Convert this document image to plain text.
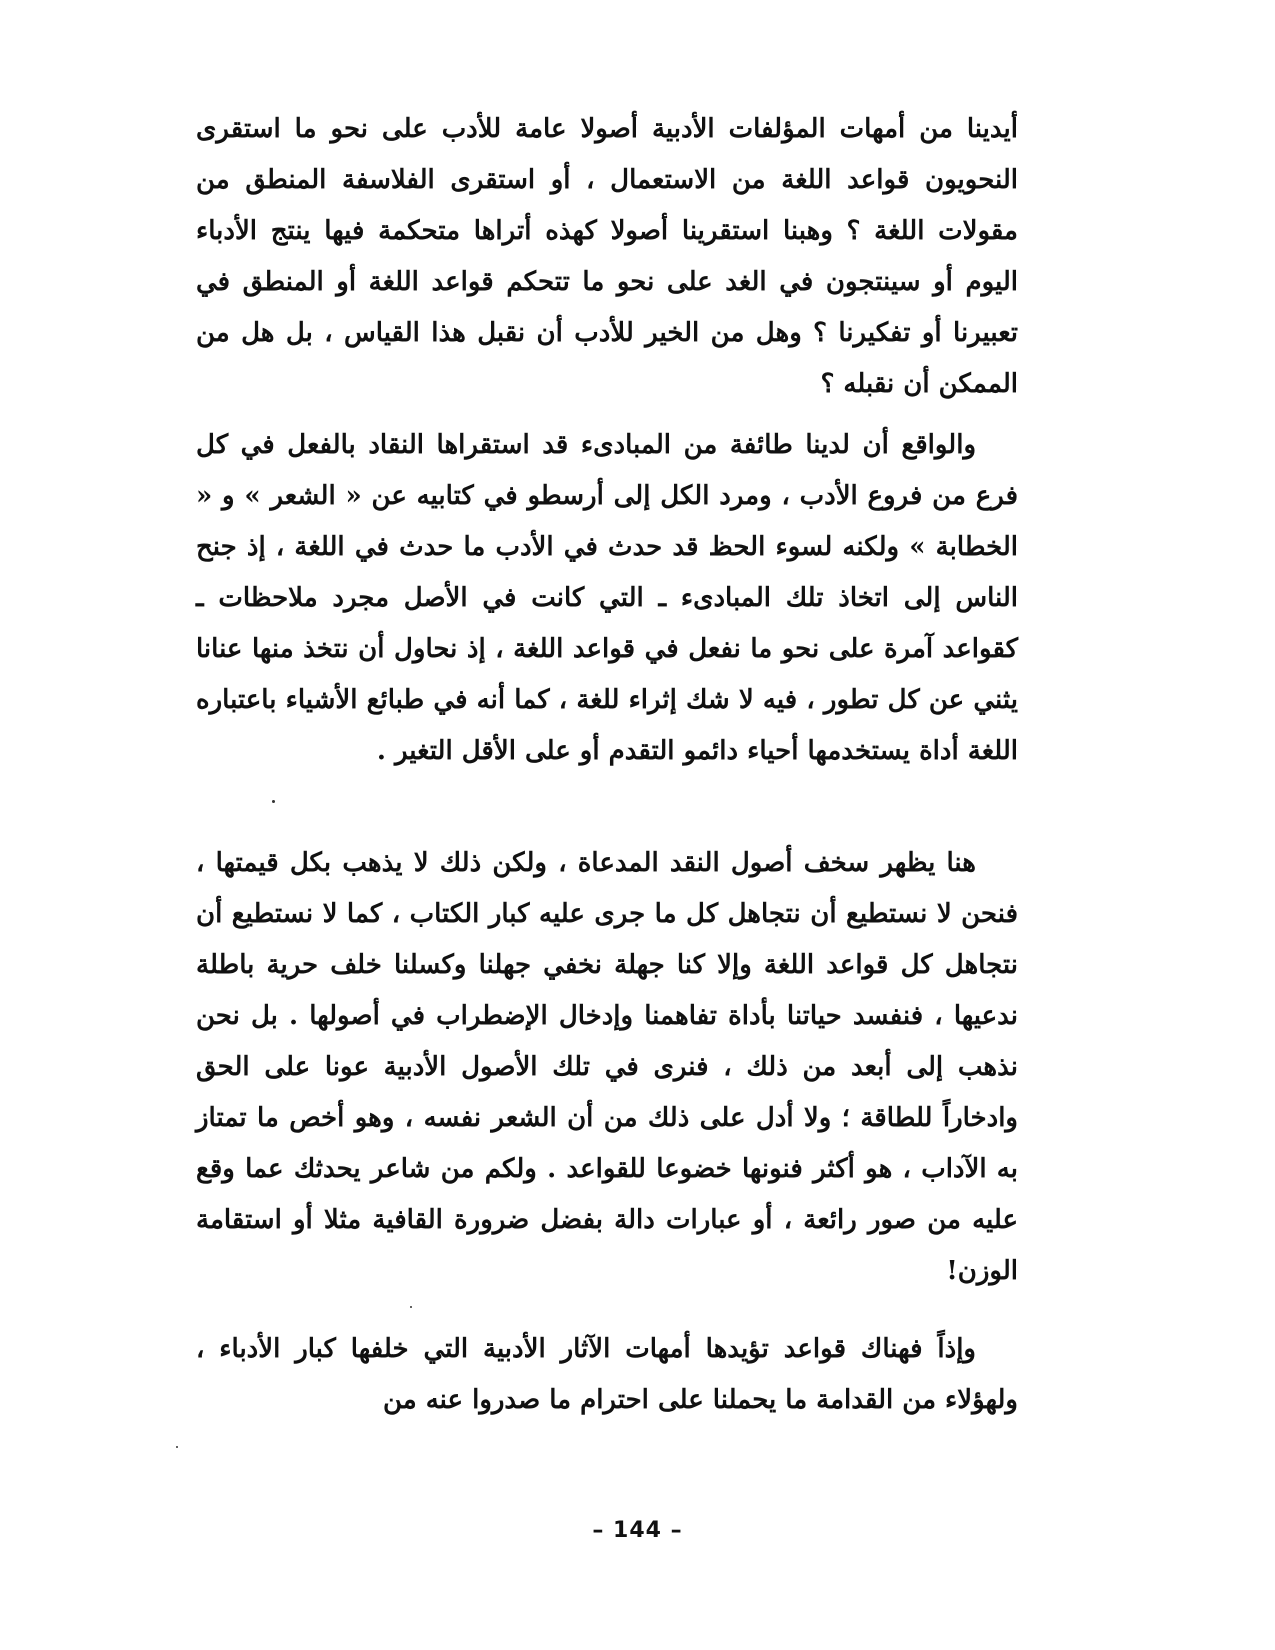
أيدينا من أمهات المؤلفات الأدبية أصولا عامة للأدب على نحو ما استقرى النحويون قواعد اللغة من الاستعمال ، أو استقرى الفلاسفة المنطق من مقولات اللغة ؟ وهبنا استقرينا أصولا كهذه أتراها متحكمة فيها ينتج الأدباء اليوم أو سينتجون في الغد على نحو ما تتحكم قواعد اللغة أو المنطق في تعبيرنا أو تفكيرنا ؟ وهل من الخير للأدب أن نقبل هذا القياس ، بل هل من الممكن أن نقبله ؟

والواقع أن لدينا طائفة من المبادىء قد استقراها النقاد بالفعل في كل فرع من فروع الأدب ، ومرد الكل إلى أرسطو في كتابيه عن « الشعر » و « الخطابة » ولكنه لسوء الحظ قد حدث في الأدب ما حدث في اللغة ، إذ جنح الناس إلى اتخاذ تلك المبادىء ـ التي كانت في الأصل مجرد ملاحظات ـ كقواعد آمرة على نحو ما نفعل في قواعد اللغة ، إذ نحاول أن نتخذ منها عنانا يثني عن كل تطور ، فيه لا شك إثراء للغة ، كما أنه في طبائع الأشياء باعتباره اللغة أداة يستخدمها أحياء دائمو التقدم أو على الأقل التغير .

هنا يظهر سخف أصول النقد المدعاة ، ولكن ذلك لا يذهب بكل قيمتها ، فنحن لا نستطيع أن نتجاهل كل ما جرى عليه كبار الكتاب ، كما لا نستطيع أن نتجاهل كل قواعد اللغة وإلا كنا جهلة نخفي جهلنا وكسلنا خلف حرية باطلة ندعيها ، فنفسد حياتنا بأداة تفاهمنا وإدخال الإضطراب في أصولها . بل نحن نذهب إلى أبعد من ذلك ، فنرى في تلك الأصول الأدبية عونا على الحق وادخاراً للطاقة ؛ ولا أدل على ذلك من أن الشعر نفسه ، وهو أخص ما تمتاز به الآداب ، هو أكثر فنونها خضوعا للقواعد . ولكم من شاعر يحدثك عما وقع عليه من صور رائعة ، أو عبارات دالة بفضل ضرورة القافية مثلا أو استقامة الوزن!

وإذاً فهناك قواعد تؤيدها أمهات الآثار الأدبية التي خلفها كبار الأدباء ، ولهؤلاء من القدامة ما يحملنا على احترام ما صدروا عنه من

– 144 –
